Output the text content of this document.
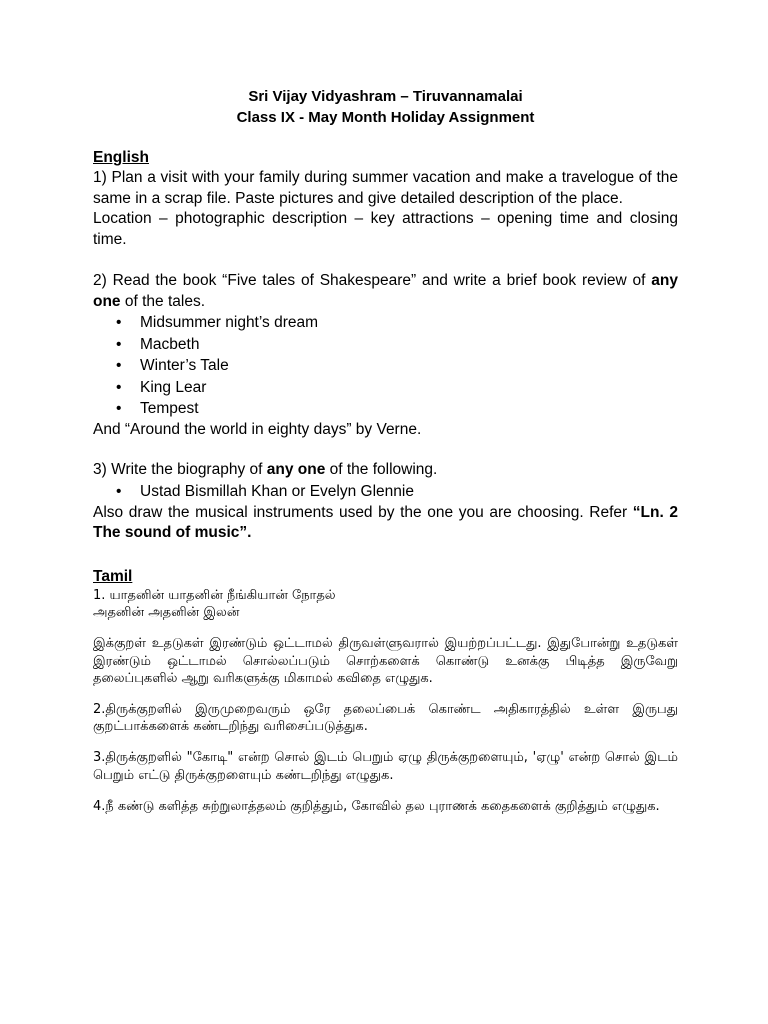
Sri Vijay Vidyashram – Tiruvannamalai

Class IX - May Month Holiday Assignment

English

1) Plan a visit with your family during summer vacation and make a travelogue of the same in a scrap file. Paste pictures and give detailed description of the place.

Location – photographic description – key attractions – opening time and closing time.

2) Read the book “Five tales of Shakespeare” and write a brief book review of any one of the tales.

• Midsummer night’s dream
• Macbeth
• Winter’s Tale
• King Lear
• Tempest

And “Around the world in eighty days” by Verne.

3) Write the biography of any one of the following.

• Ustad Bismillah Khan or Evelyn Glennie

Also draw the musical instruments used by the one you are choosing. Refer “Ln. 2 The sound of music”.

Tamil

1. யாதனின் யாதனின் நீங்கியான் நோதல்

அதனின் அதனின் இலன்

இக்குறள் உதடுகள் இரண்டும் ஒட்டாமல் திருவள்ளுவரால் இயற்றப்பட்டது. இதுபோன்று உதடுகள் இரண்டும் ஒட்டாமல் சொல்லப்படும் சொற்களைக் கொண்டு உனக்கு பிடித்த இருவேறு தலைப்புகளில் ஆறு வரிகளுக்கு மிகாமல் கவிதை எழுதுக.

2.திருக்குறளில் இருமுறைவரும் ஒரே தலைப்பைக் கொண்ட அதிகாரத்தில் உள்ள இருபது குறட்பாக்களைக் கண்டறிந்து வரிசைப்படுத்துக.

3.திருக்குறளில் "கோடி" என்ற சொல் இடம் பெறும் ஏழு திருக்குறளையும், 'ஏழு' என்ற சொல் இடம் பெறும் எட்டு திருக்குறளையும் கண்டறிந்து எழுதுக.

4.நீ கண்டு களித்த சுற்றுலாத்தலம் குறித்தும், கோவில் தல புராணக் கதைகளைக் குறித்தும் எழுதுக.
